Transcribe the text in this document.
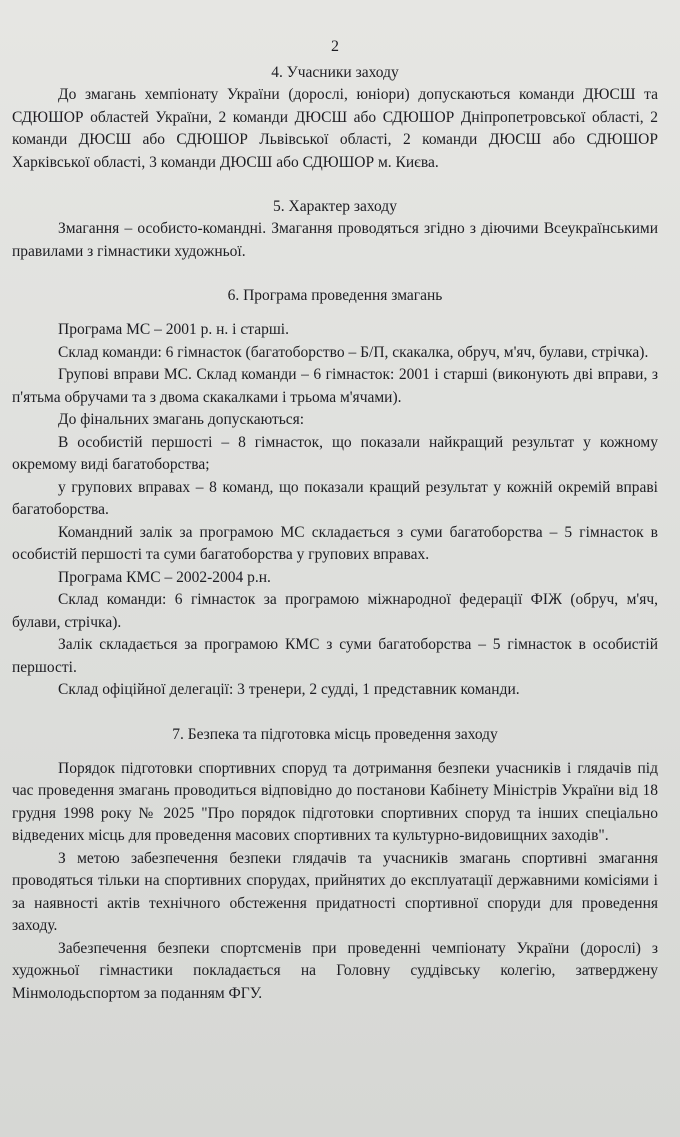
2
4. Учасники заходу

До змагань хемпіонату України (дорослі, юніори) допускаються команди ДЮСШ та СДЮШОР областей України, 2 команди ДЮСШ або СДЮШОР Дніпропетровської області, 2 команди ДЮСШ або СДЮШОР Львівської області, 2 команди ДЮСШ або СДЮШОР Харківської області, 3 команди ДЮСШ або СДЮШОР м. Києва.

5. Характер заходу

Змагання – особисто-командні. Змагання проводяться згідно з діючими Всеукраїнськими правилами з гімнастики художньої.

6. Програма проведення змагань

Програма МС – 2001 р. н. і старші.

Склад команди: 6 гімнасток (багатоборство – Б/П, скакалка, обруч, м'яч, булави, стрічка).

Групові вправи МС. Склад команди – 6 гімнасток: 2001 і старші (виконують дві вправи, з п'ятьма обручами та з двома скакалками і трьома м'ячами).

До фінальних змагань допускаються:

В особистій першості – 8 гімнасток, що показали найкращий результат у кожному окремому виді багатоборства;

у групових вправах – 8 команд, що показали кращий результат у кожній окремій вправі багатоборства.

Командний залік за програмою МС складається з суми багатоборства – 5 гімнасток в особистій першості та суми багатоборства у групових вправах.

Програма КМС – 2002-2004 р.н.

Склад команди: 6 гімнасток за програмою міжнародної федерації ФІЖ (обруч, м'яч, булави, стрічка).

Залік складається за програмою КМС з суми багатоборства – 5 гімнасток в особистій першості.

Склад офіційної делегації: 3 тренери, 2 судді, 1 представник команди.

7. Безпека та підготовка місць проведення заходу

Порядок підготовки спортивних споруд та дотримання безпеки учасників і глядачів під час проведення змагань проводиться відповідно до постанови Кабінету Міністрів України від 18 грудня 1998 року № 2025 "Про порядок підготовки спортивних споруд та інших спеціально відведених місць для проведення масових спортивних та культурно-видовищних заходів".

З метою забезпечення безпеки глядачів та учасників змагань спортивні змагання проводяться тільки на спортивних спорудах, прийнятих до експлуатації державними комісіями і за наявності актів технічного обстеження придатності спортивної споруди для проведення заходу.

Забезпечення безпеки спортсменів при проведенні чемпіонату України (дорослі) з художньої гімнастики покладається на Головну суддівську колегію, затверджену Мінмолодьспортом за поданням ФГУ.
